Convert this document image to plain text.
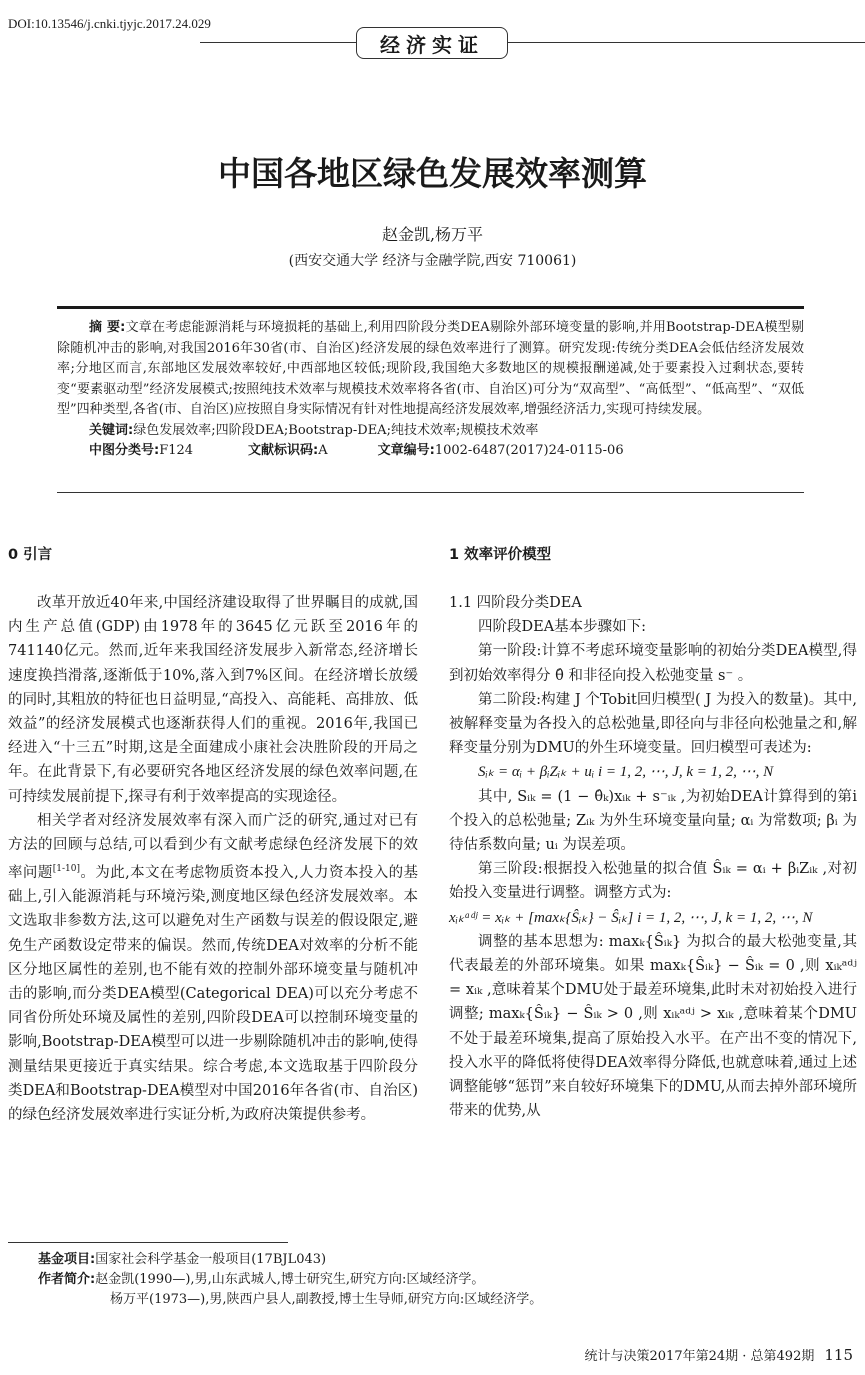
DOI:10.13546/j.cnki.tjyjc.2017.24.029
经济实证
中国各地区绿色发展效率测算
赵金凯,杨万平
(西安交通大学 经济与金融学院,西安 710061)

摘 要:文章在考虑能源消耗与环境损耗的基础上,利用四阶段分类DEA剔除外部环境变量的影响,并用Bootstrap-DEA模型剔除随机冲击的影响,对我国2016年30省(市、自治区)经济发展的绿色效率进行了测算。研究发现:传统分类DEA会低估经济发展效率;分地区而言,东部地区发展效率较好,中西部地区较低;现阶段,我国绝大多数地区的规模报酬递减,处于要素投入过剩状态,要转变“要素驱动型”经济发展模式;按照纯技术效率与规模技术效率将各省(市、自治区)可分为“双高型”、“高低型”、“低高型”、“双低型”四种类型,各省(市、自治区)应按照自身实际情况有针对性地提高经济发展效率,增强经济活力,实现可持续发展。

关键词:绿色发展效率;四阶段DEA;Bootstrap-DEA;纯技术效率;规模技术效率

中图分类号: F124	文献标识码: A	文章编号: 1002-6487(2017)24-0115-06

0 引言

改革开放近40年来,中国经济建设取得了世界瞩目的成就,国内生产总值(GDP)由1978年的3645亿元跃至2016年的741140亿元。然而,近年来我国经济发展步入新常态,经济增长速度换挡滑落,逐渐低于10%,落入到7%区间。在经济增长放缓的同时,其粗放的特征也日益明显,“高投入、高能耗、高排放、低效益”的经济发展模式也逐渐获得人们的重视。2016年,我国已经进入“十三五”时期,这是全面建成小康社会决胜阶段的开局之年。在此背景下,有必要研究各地区经济发展的绿色效率问题,在可持续发展前提下,探寻有利于效率提高的实现途径。

相关学者对经济发展效率有深入而广泛的研究,通过对已有方法的回顾与总结,可以看到少有文献考虑绿色经济发展下的效率问题[1-10]。为此,本文在考虑物质资本投入,人力资本投入的基础上,引入能源消耗与环境污染,测度地区绿色经济发展效率。本文选取非参数方法,这可以避免对生产函数与误差的假设限定,避免生产函数设定带来的偏误。然而,传统DEA对效率的分析不能区分地区属性的差别,也不能有效的控制外部环境变量与随机冲击的影响,而分类DEA模型(Categorical DEA)可以充分考虑不同省份所处环境及属性的差别,四阶段DEA可以控制环境变量的影响,Bootstrap-DEA模型可以进一步剔除随机冲击的影响,使得测量结果更接近于真实结果。综合考虑,本文选取基于四阶段分类DEA和Bootstrap-DEA模型对中国2016年各省(市、自治区)的绿色经济发展效率进行实证分析,为政府决策提供参考。

1 效率评价模型

1.1 四阶段分类DEA

四阶段DEA基本步骤如下:

第一阶段:计算不考虑环境变量影响的初始分类DEA模型,得到初始效率得分 θ̂ 和非径向投入松弛变量 s⁻ 。

第二阶段:构建 J 个Tobit回归模型( J 为投入的数量)。其中,被解释变量为各投入的总松弛量,即径向与非径向松弛量之和,解释变量分别为DMU的外生环境变量。回归模型可表述为:

Sᵢₖ = αᵢ + βᵢZᵢₖ + uᵢ i = 1, 2, ⋯, J, k = 1, 2, ⋯, N

其中, Sᵢₖ = (1 − θ̂ₖ)xᵢₖ + s⁻ᵢₖ ,为初始DEA计算得到的第i个投入的总松弛量; Zᵢₖ 为外生环境变量向量; αᵢ 为常数项; βᵢ 为待估系数向量; uᵢ 为误差项。

第三阶段:根据投入松弛量的拟合值 Ŝᵢₖ = αᵢ + βᵢZᵢₖ ,对初始投入变量进行调整。调整方式为:

xᵢₖᵃᵈʲ = xᵢₖ + [maxₖ{Ŝᵢₖ} − Ŝᵢₖ] i = 1, 2, ⋯, J, k = 1, 2, ⋯, N

调整的基本思想为: maxₖ{Ŝᵢₖ} 为拟合的最大松弛变量,其代表最差的外部环境集。如果 maxₖ{Ŝᵢₖ} − Ŝᵢₖ = 0 ,则 xᵢₖᵃᵈʲ = xᵢₖ ,意味着某个DMU处于最差环境集,此时未对初始投入进行调整; maxₖ{Ŝᵢₖ} − Ŝᵢₖ > 0 ,则 xᵢₖᵃᵈʲ > xᵢₖ ,意味着某个DMU不处于最差环境集,提高了原始投入水平。在产出不变的情况下,投入水平的降低将使得DEA效率得分降低,也就意味着,通过上述调整能够“惩罚”来自较好环境集下的DMU,从而去掉外部环境所带来的优势,从

基金项目:国家社会科学基金一般项目(17BJL043)

作者简介:赵金凯(1990—),男,山东武城人,博士研究生,研究方向:区域经济学。

杨万平(1973—),男,陕西户县人,副教授,博士生导师,研究方向:区域经济学。

统计与决策2017年第24期 · 总第492期 115
